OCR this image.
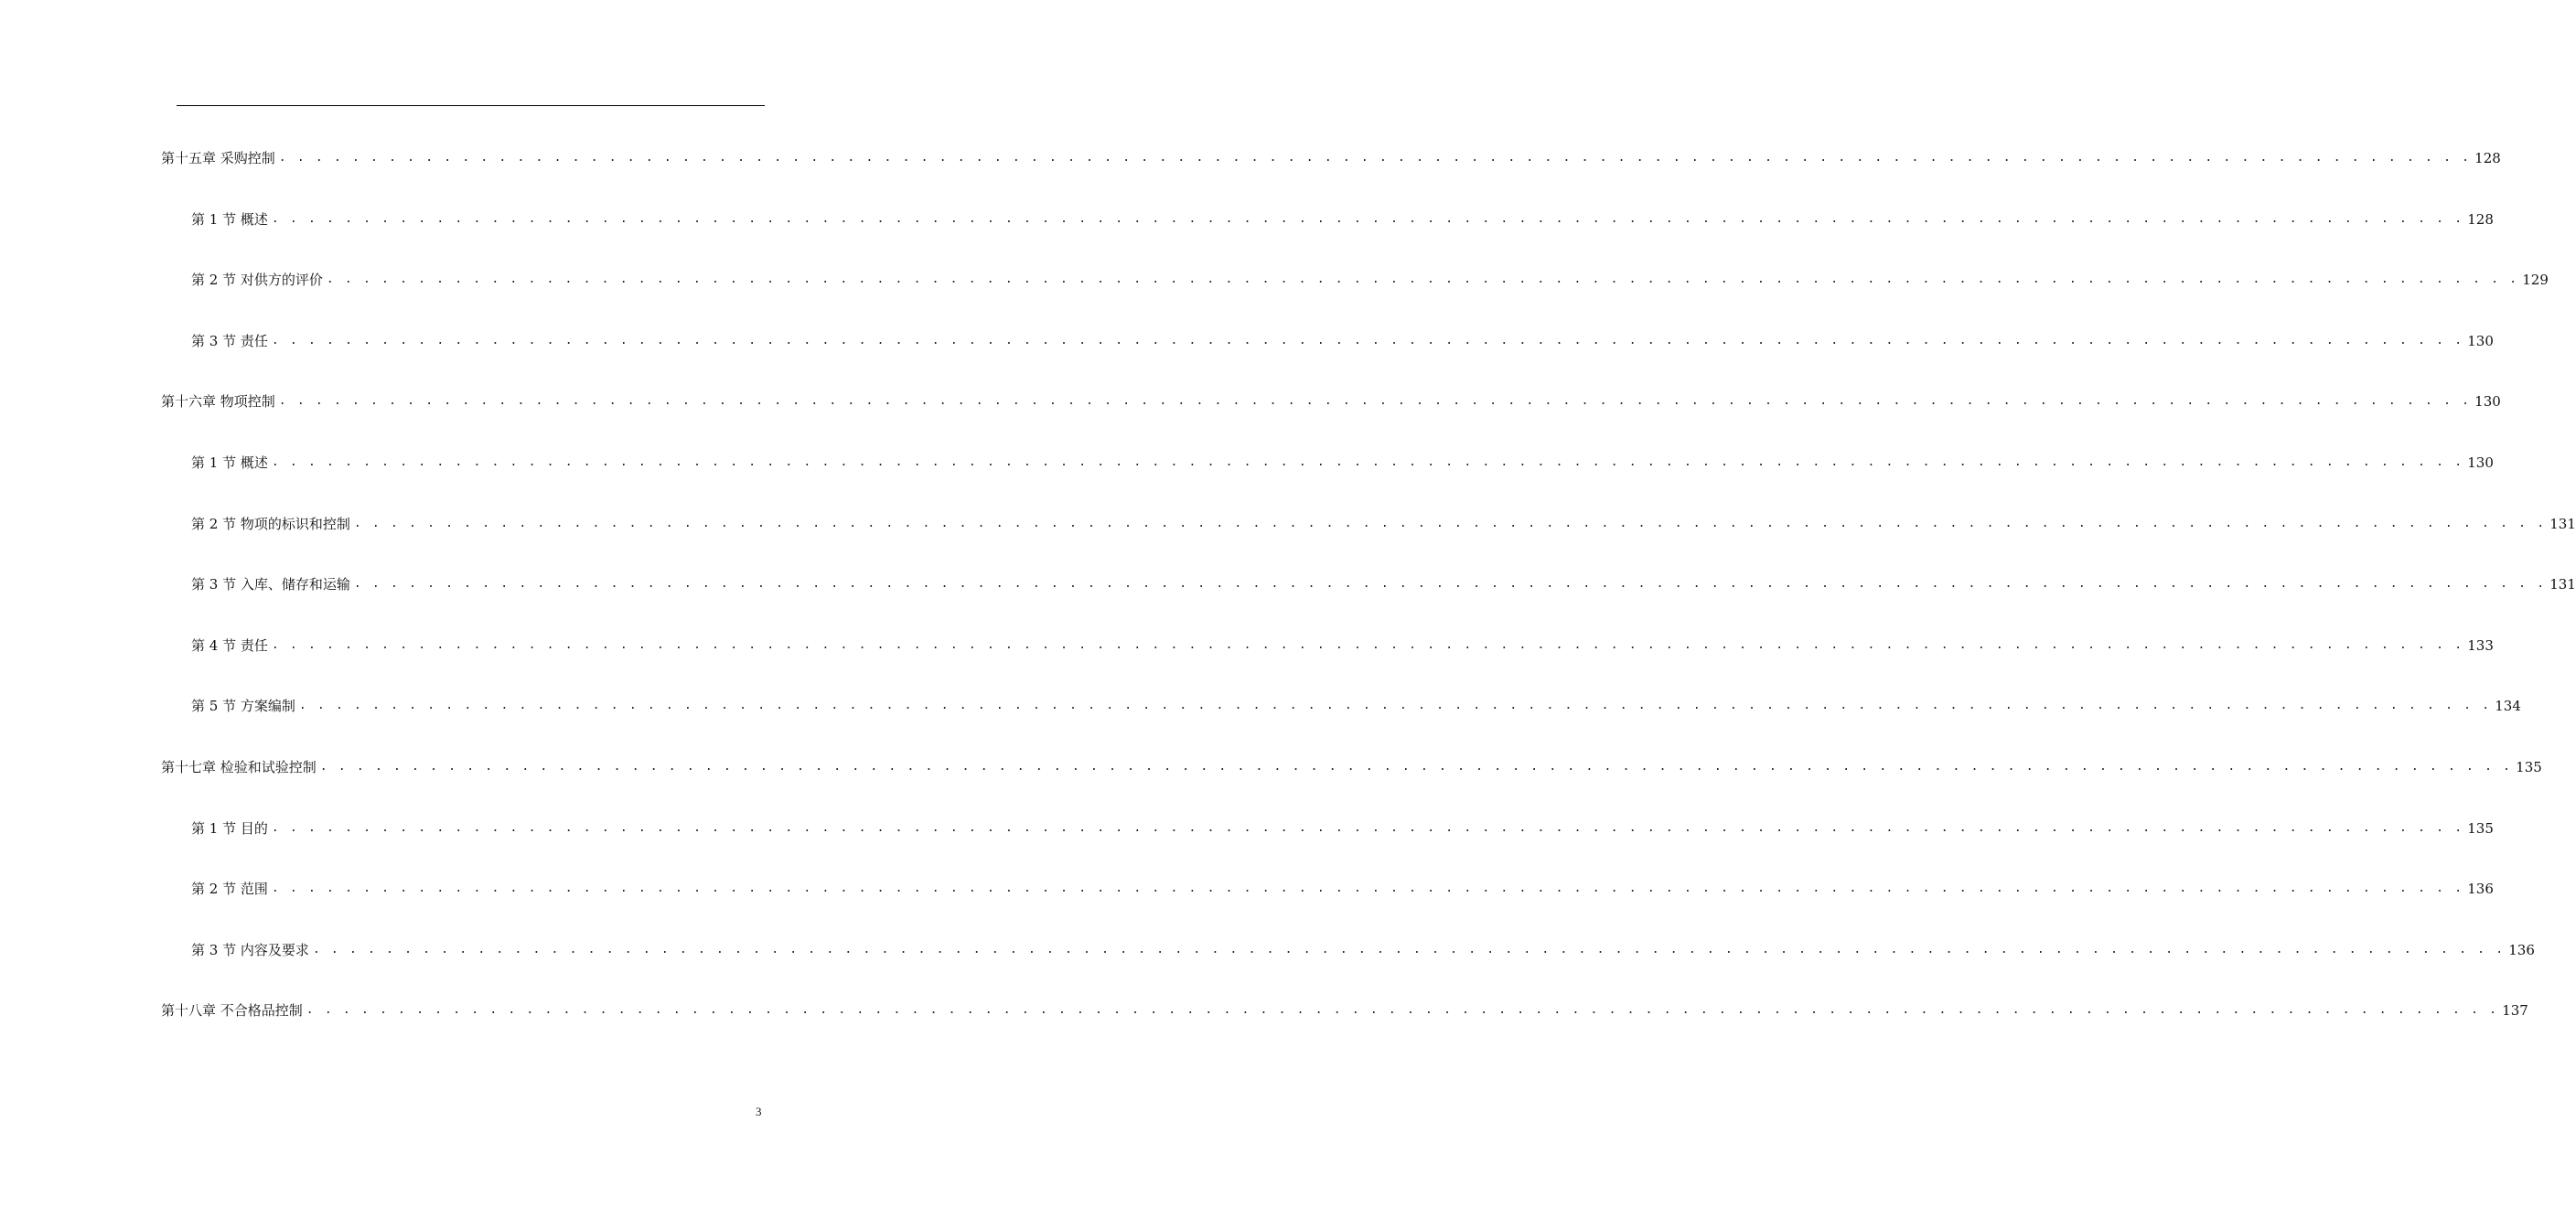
第十五章 采购控制 . . . . . . . . . . . . . . . . . . . . . . . . . . . . . . . . . . . . . . . . . . . . . . . . . . . . . . . . . . . . . . . . . . . . . . . . . . . . . . . . . . . . . . . . . . . . . . . . . . . . . . . . . . . . . . . . . . . . . . . . 128
第 1 节 概述 . . . . . . . . . . . . . . . . . . . . . . . . . . . . . . . . . . . . . . . . . . . . . . . . . . . . . . . . . . . . . . . . . . . . . . . . . . . . . . . . . . . . . . . . . . . . . . . . . . . . . . . . . . . . . . . . . . . . . . . . 128
第 2 节 对供方的评价 . . . . . . . . . . . . . . . . . . . . . . . . . . . . . . . . . . . . . . . . . . . . . . . . . . . . . . . . . . . . . . . . . . . . . . . . . . . . . . . . . . . . . . . . . . . . . . . . . . . . . . . . . . . . . . . . . . . . . . . . 129
第 3 节 责任 . . . . . . . . . . . . . . . . . . . . . . . . . . . . . . . . . . . . . . . . . . . . . . . . . . . . . . . . . . . . . . . . . . . . . . . . . . . . . . . . . . . . . . . . . . . . . . . . . . . . . . . . . . . . . . . . . . . . . . . . 130
第十六章 物项控制 . . . . . . . . . . . . . . . . . . . . . . . . . . . . . . . . . . . . . . . . . . . . . . . . . . . . . . . . . . . . . . . . . . . . . . . . . . . . . . . . . . . . . . . . . . . . . . . . . . . . . . . . . . . . . . . . . . . . . . . . 130
第 1 节 概述 . . . . . . . . . . . . . . . . . . . . . . . . . . . . . . . . . . . . . . . . . . . . . . . . . . . . . . . . . . . . . . . . . . . . . . . . . . . . . . . . . . . . . . . . . . . . . . . . . . . . . . . . . . . . . . . . . . . . . . . . 130
第 2 节 物项的标识和控制 . . . . . . . . . . . . . . . . . . . . . . . . . . . . . . . . . . . . . . . . . . . . . . . . . . . . . . . . . . . . . . . . . . . . . . . . . . . . . . . . . . . . . . . . . . . . . . . . . . . . . . . . . . . . . . . . . . . . . . . . 131
第 3 节 入库、储存和运输 . . . . . . . . . . . . . . . . . . . . . . . . . . . . . . . . . . . . . . . . . . . . . . . . . . . . . . . . . . . . . . . . . . . . . . . . . . . . . . . . . . . . . . . . . . . . . . . . . . . . . . . . . . . . . . . . . . . . . . . . 131
第 4 节 责任 . . . . . . . . . . . . . . . . . . . . . . . . . . . . . . . . . . . . . . . . . . . . . . . . . . . . . . . . . . . . . . . . . . . . . . . . . . . . . . . . . . . . . . . . . . . . . . . . . . . . . . . . . . . . . . . . . . . . . . . . 133
第 5 节 方案编制 . . . . . . . . . . . . . . . . . . . . . . . . . . . . . . . . . . . . . . . . . . . . . . . . . . . . . . . . . . . . . . . . . . . . . . . . . . . . . . . . . . . . . . . . . . . . . . . . . . . . . . . . . . . . . . . . . . . . . . . . 134
第十七章 检验和试验控制 . . . . . . . . . . . . . . . . . . . . . . . . . . . . . . . . . . . . . . . . . . . . . . . . . . . . . . . . . . . . . . . . . . . . . . . . . . . . . . . . . . . . . . . . . . . . . . . . . . . . . . . . . . . . . . . . . . . . . . . . 135
第 1 节 目的 . . . . . . . . . . . . . . . . . . . . . . . . . . . . . . . . . . . . . . . . . . . . . . . . . . . . . . . . . . . . . . . . . . . . . . . . . . . . . . . . . . . . . . . . . . . . . . . . . . . . . . . . . . . . . . . . . . . . . . . . 135
第 2 节 范围 . . . . . . . . . . . . . . . . . . . . . . . . . . . . . . . . . . . . . . . . . . . . . . . . . . . . . . . . . . . . . . . . . . . . . . . . . . . . . . . . . . . . . . . . . . . . . . . . . . . . . . . . . . . . . . . . . . . . . . . . 136
第 3 节 内容及要求 . . . . . . . . . . . . . . . . . . . . . . . . . . . . . . . . . . . . . . . . . . . . . . . . . . . . . . . . . . . . . . . . . . . . . . . . . . . . . . . . . . . . . . . . . . . . . . . . . . . . . . . . . . . . . . . . . . . . . . . . 136
第十八章 不合格品控制 . . . . . . . . . . . . . . . . . . . . . . . . . . . . . . . . . . . . . . . . . . . . . . . . . . . . . . . . . . . . . . . . . . . . . . . . . . . . . . . . . . . . . . . . . . . . . . . . . . . . . . . . . . . . . . . . . . . . . . . . 137
3
